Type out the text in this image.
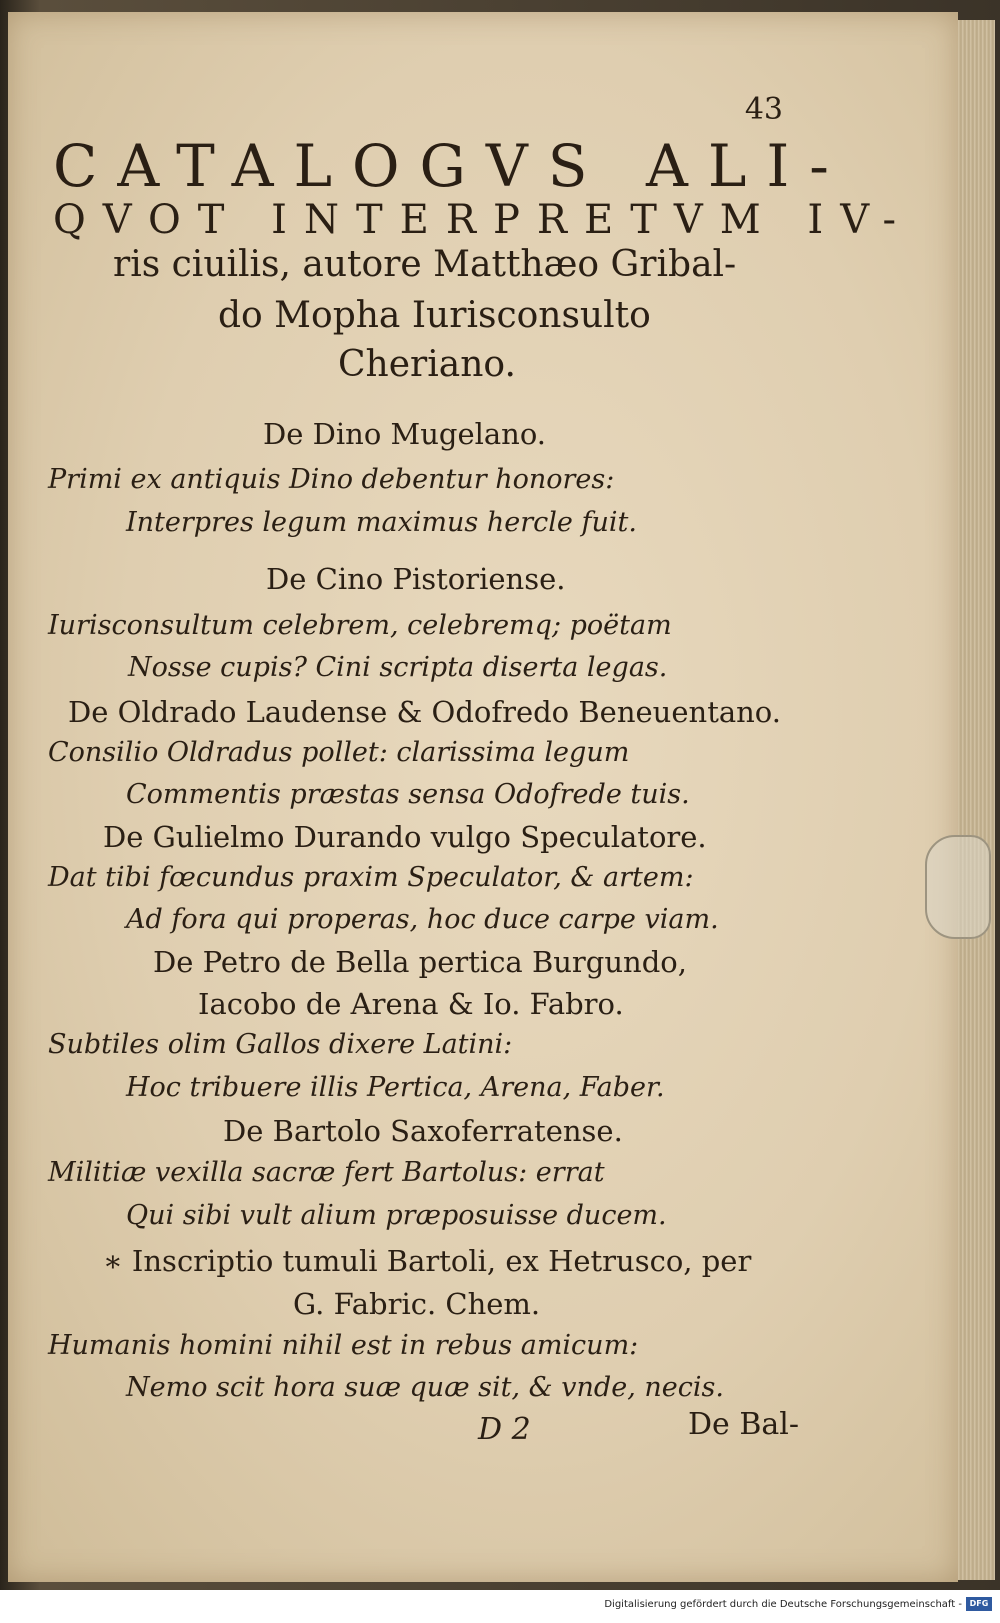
43
CATALOGVS ALI-
QVOT INTERPRETVM IV-
ris ciuilis, autore Matthæo Gribal-
do Mopha Iurisconsulto
Cheriano.
De Dino Mugelano.
Primi ex antiquis Dino debentur honores:
Interpres legum maximus hercle fuit.
De Cino Pistoriense.
Iurisconsultum celebrem, celebremq; poëtam
Nosse cupis? Cini scripta diserta legas.
De Oldrado Laudense & Odofredo Beneuentano.
Consilio Oldradus pollet: clarissima legum
Commentis præstas sensa Odofrede tuis.
De Gulielmo Durando vulgo Speculatore.
Dat tibi fœcundus praxim Speculator, & artem:
Ad fora qui properas, hoc duce carpe viam.
De Petro de Bella pertica Burgundo,
Iacobo de Arena & Io. Fabro.
Subtiles olim Gallos dixere Latini:
Hoc tribuere illis Pertica, Arena, Faber.
De Bartolo Saxoferratense.
Militiæ vexilla sacræ fert Bartolus: errat
Qui sibi vult alium præposuisse ducem.
∗ Inscriptio tumuli Bartoli, ex Hetrusco, per
G. Fabric. Chem.
Humanis homini nihil est in rebus amicum:
Nemo scit hora suæ quæ sit, & vnde, necis.
D 2	De Bal-
Digitalisierung gefördert durch die Deutsche Forschungsgemeinschaft - DFG
